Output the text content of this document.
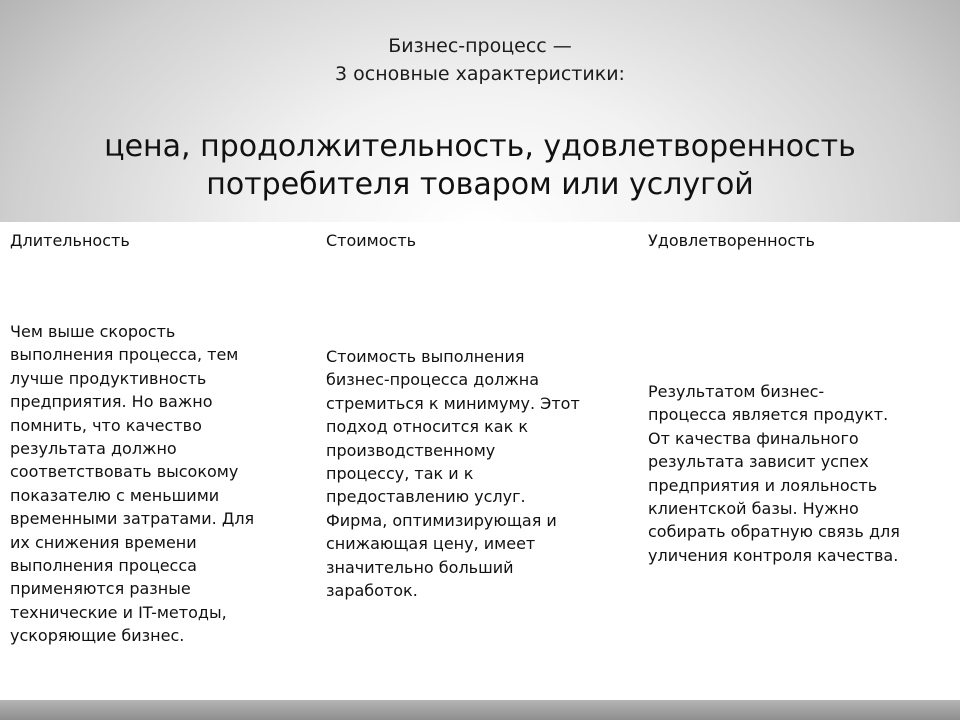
Бизнес-процесс —
3 основные характеристики:
цена, продолжительность, удовлетворенность
потребителя товаром или услугой
Длительность
Чем выше скорость
выполнения процесса, тем
лучше продуктивность
предприятия. Но важно
помнить, что качество
результата должно
соответствовать высокому
показателю с меньшими
временными затратами. Для
их снижения времени
выполнения процесса
применяются разные
технические и IT-методы,
ускоряющие бизнес.
Стоимость
Стоимость выполнения
бизнес-процесса должна
стремиться к минимуму. Этот
подход относится как к
производственному
процессу, так и к
предоставлению услуг.
Фирма, оптимизирующая и
снижающая цену, имеет
значительно больший
заработок.
Удовлетворенность
Результатом бизнес-
процесса является продукт.
От качества финального
результата зависит успех
предприятия и лояльность
клиентской базы. Нужно
собирать обратную связь для
уличения контроля качества.
